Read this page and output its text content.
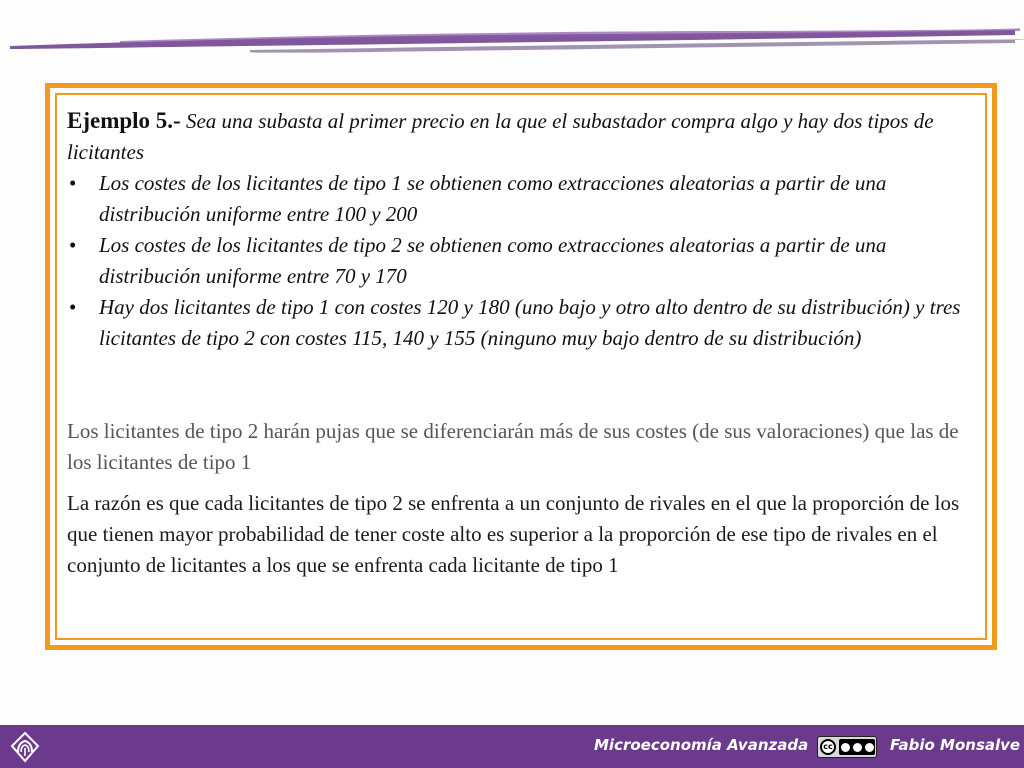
Ejemplo 5.- Sea una subasta al primer precio en la que el subastador compra algo y hay dos tipos de licitantes
• Los costes de los licitantes de tipo 1 se obtienen como extracciones aleatorias a partir de una distribución uniforme entre 100 y 200
• Los costes de los licitantes de tipo 2 se obtienen como extracciones aleatorias a partir de una distribución uniforme entre 70 y 170
• Hay dos licitantes de tipo 1 con costes 120 y 180 (uno bajo y otro alto dentro de su distribución) y tres licitantes de tipo 2 con costes 115, 140 y 155 (ninguno muy bajo dentro de su distribución)
Los licitantes de tipo 2 harán pujas que se diferenciarán más de sus costes (de sus valoraciones) que las de los licitantes de tipo 1
La razón es que cada licitantes de tipo 2 se enfrenta a un conjunto de rivales en el que la proporción de los que tienen mayor probabilidad de tener coste alto es superior a la proporción de ese tipo de rivales en el conjunto de licitantes a los que se enfrenta cada licitante de tipo 1
Microeconomía Avanzada	cc	Fabio Monsalve
